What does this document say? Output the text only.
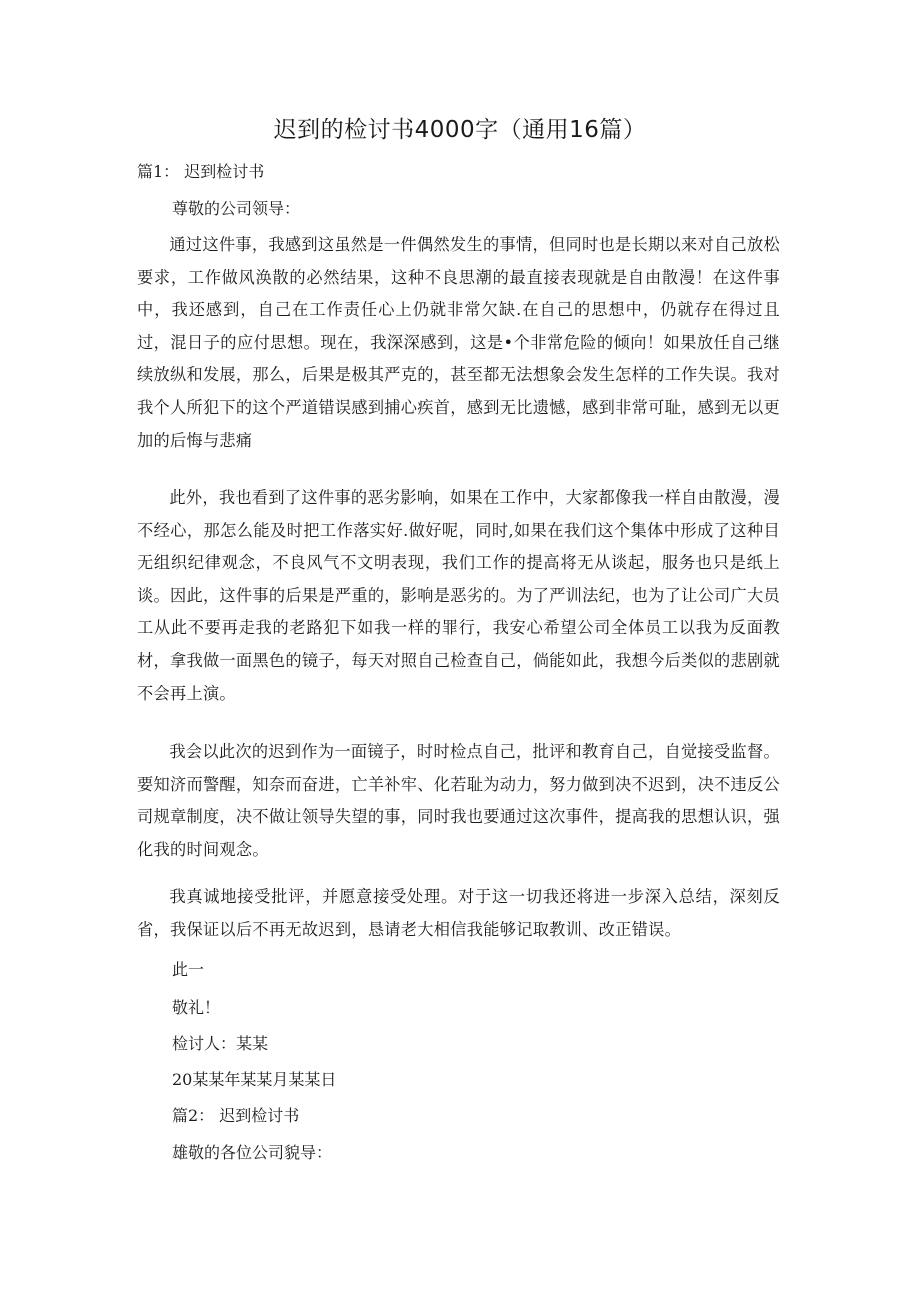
迟到的检讨书4000字（通用16篇）

篇1： 迟到检讨书

尊敬的公司领导：

通过这件事，我感到这虽然是一件偶然发生的事情，但同时也是长期以来对自己放松要求，工作做风涣散的必然结果，这种不良思潮的最直接表现就是自由散漫！在这件事中，我还感到，自己在工作责任心上仍就非常欠缺.在自己的思想中，仍就存在得过且过，混日子的应付思想。现在，我深深感到，这是•个非常危险的倾向！如果放任自己继续放纵和发展，那么，后果是极其严克的，甚至都无法想象会发生怎样的工作失误。我对我个人所犯下的这个严道错误感到捕心疾首，感到无比遗憾，感到非常可耻，感到无以更加的后悔与悲痛

此外，我也看到了这件事的恶劣影响，如果在工作中，大家都像我一样自由散漫，漫不经心，那怎么能及时把工作落实好.做好呢，同时,如果在我们这个集体中形成了这种目无组织纪律观念，不良风气不文明表现，我们工作的提高将无从谈起，服务也只是纸上谈。因此，这件事的后果是严重的，影响是恶劣的。为了严训法纪，也为了让公司广大员工从此不要再走我的老路犯下如我一样的罪行，我安心希望公司全体员工以我为反面教材，拿我做一面黑色的镜子，每天对照自己检查自己，倘能如此，我想今后类似的悲剧就不会再上演。

我会以此次的迟到作为一面镜子，时时检点自己，批评和教育自己，自觉接受监督。要知济而警醒，知奈而奋进，亡羊补牢、化若耻为动力，努力做到决不迟到，决不违反公司规章制度，决不做让领导失望的事，同时我也要通过这次事件，提高我的思想认识，强化我的时间观念。

我真诚地接受批评，并愿意接受处理。对于这一切我还将进一步深入总结，深刻反省，我保证以后不再无故迟到，恳请老大相信我能够记取教训、改正错误。

此一

敬礼！

检讨人：某某

20某某年某某月某某日

篇2： 迟到检讨书

雄敬的各位公司貌导：
